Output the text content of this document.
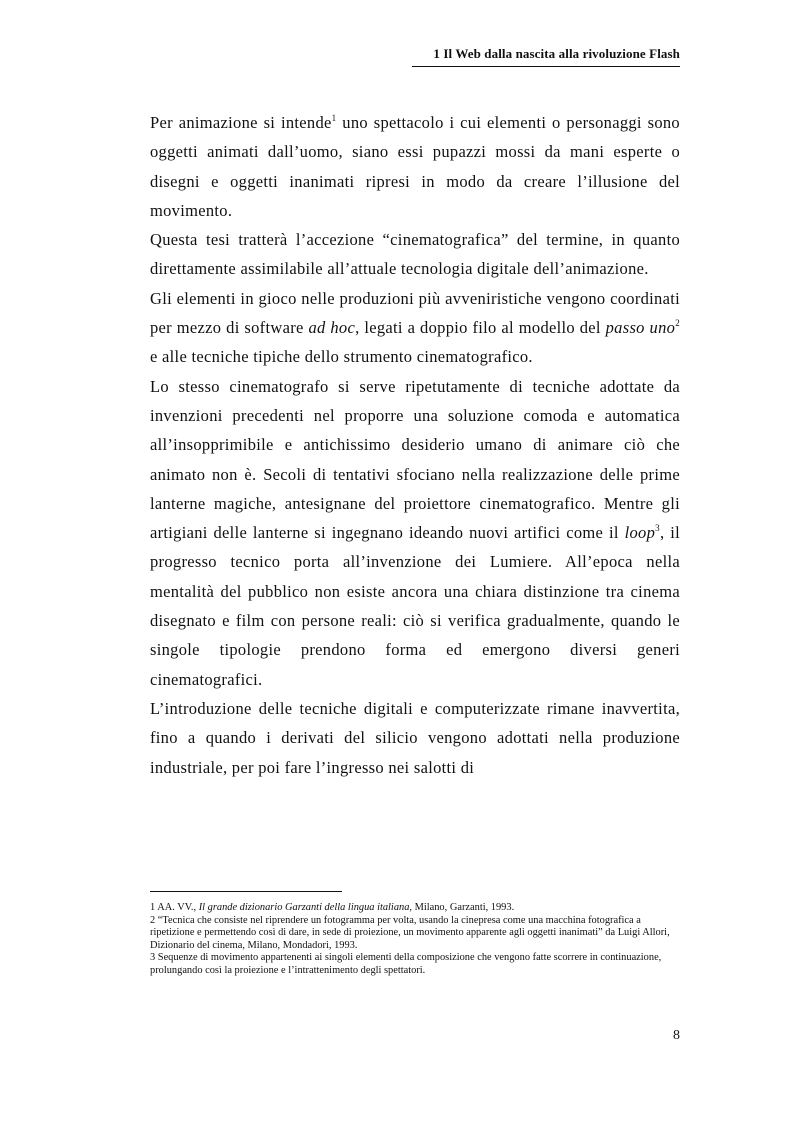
1 Il Web dalla nascita alla rivoluzione Flash

Per animazione si intende$^1$ uno spettacolo i cui elementi o personaggi sono oggetti animati dall’uomo, siano essi pupazzi mossi da mani esperte o disegni e oggetti inanimati ripresi in modo da creare l’illusione del movimento.

Questa tesi tratterà l’accezione “cinematografica” del termine, in quanto direttamente assimilabile all’attuale tecnologia digitale dell’animazione.

Gli elementi in gioco nelle produzioni più avveniristiche vengono coordinati per mezzo di software ad hoc, legati a doppio filo al modello del passo uno$^2$ e alle tecniche tipiche dello strumento cinematografico.

Lo stesso cinematografo si serve ripetutamente di tecniche adottate da invenzioni precedenti nel proporre una soluzione comoda e automatica all’insopprimibile e antichissimo desiderio umano di animare ciò che animato non è. Secoli di tentativi sfociano nella realizzazione delle prime lanterne magiche, antesignane del proiettore cinematografico. Mentre gli artigiani delle lanterne si ingegnano ideando nuovi artifici come il loop$^3$, il progresso tecnico porta all’invenzione dei Lumiere. All’epoca nella mentalità del pubblico non esiste ancora una chiara distinzione tra cinema disegnato e film con persone reali: ciò si verifica gradualmente, quando le singole tipologie prendono forma ed emergono diversi generi cinematografici.

L’introduzione delle tecniche digitali e computerizzate rimane inavvertita, fino a quando i derivati del silicio vengono adottati nella produzione industriale, per poi fare l’ingresso nei salotti di

1 AA. VV., Il grande dizionario Garzanti della lingua italiana, Milano, Garzanti, 1993.

2 “Tecnica che consiste nel riprendere un fotogramma per volta, usando la cinepresa come una macchina fotografica a ripetizione e permettendo così di dare, in sede di proiezione, un movimento apparente agli oggetti inanimati” da Luigi Allori, Dizionario del cinema, Milano, Mondadori, 1993.

3 Sequenze di movimento appartenenti ai singoli elementi della composizione che vengono fatte scorrere in continuazione, prolungando così la proiezione e l’intrattenimento degli spettatori.

8
